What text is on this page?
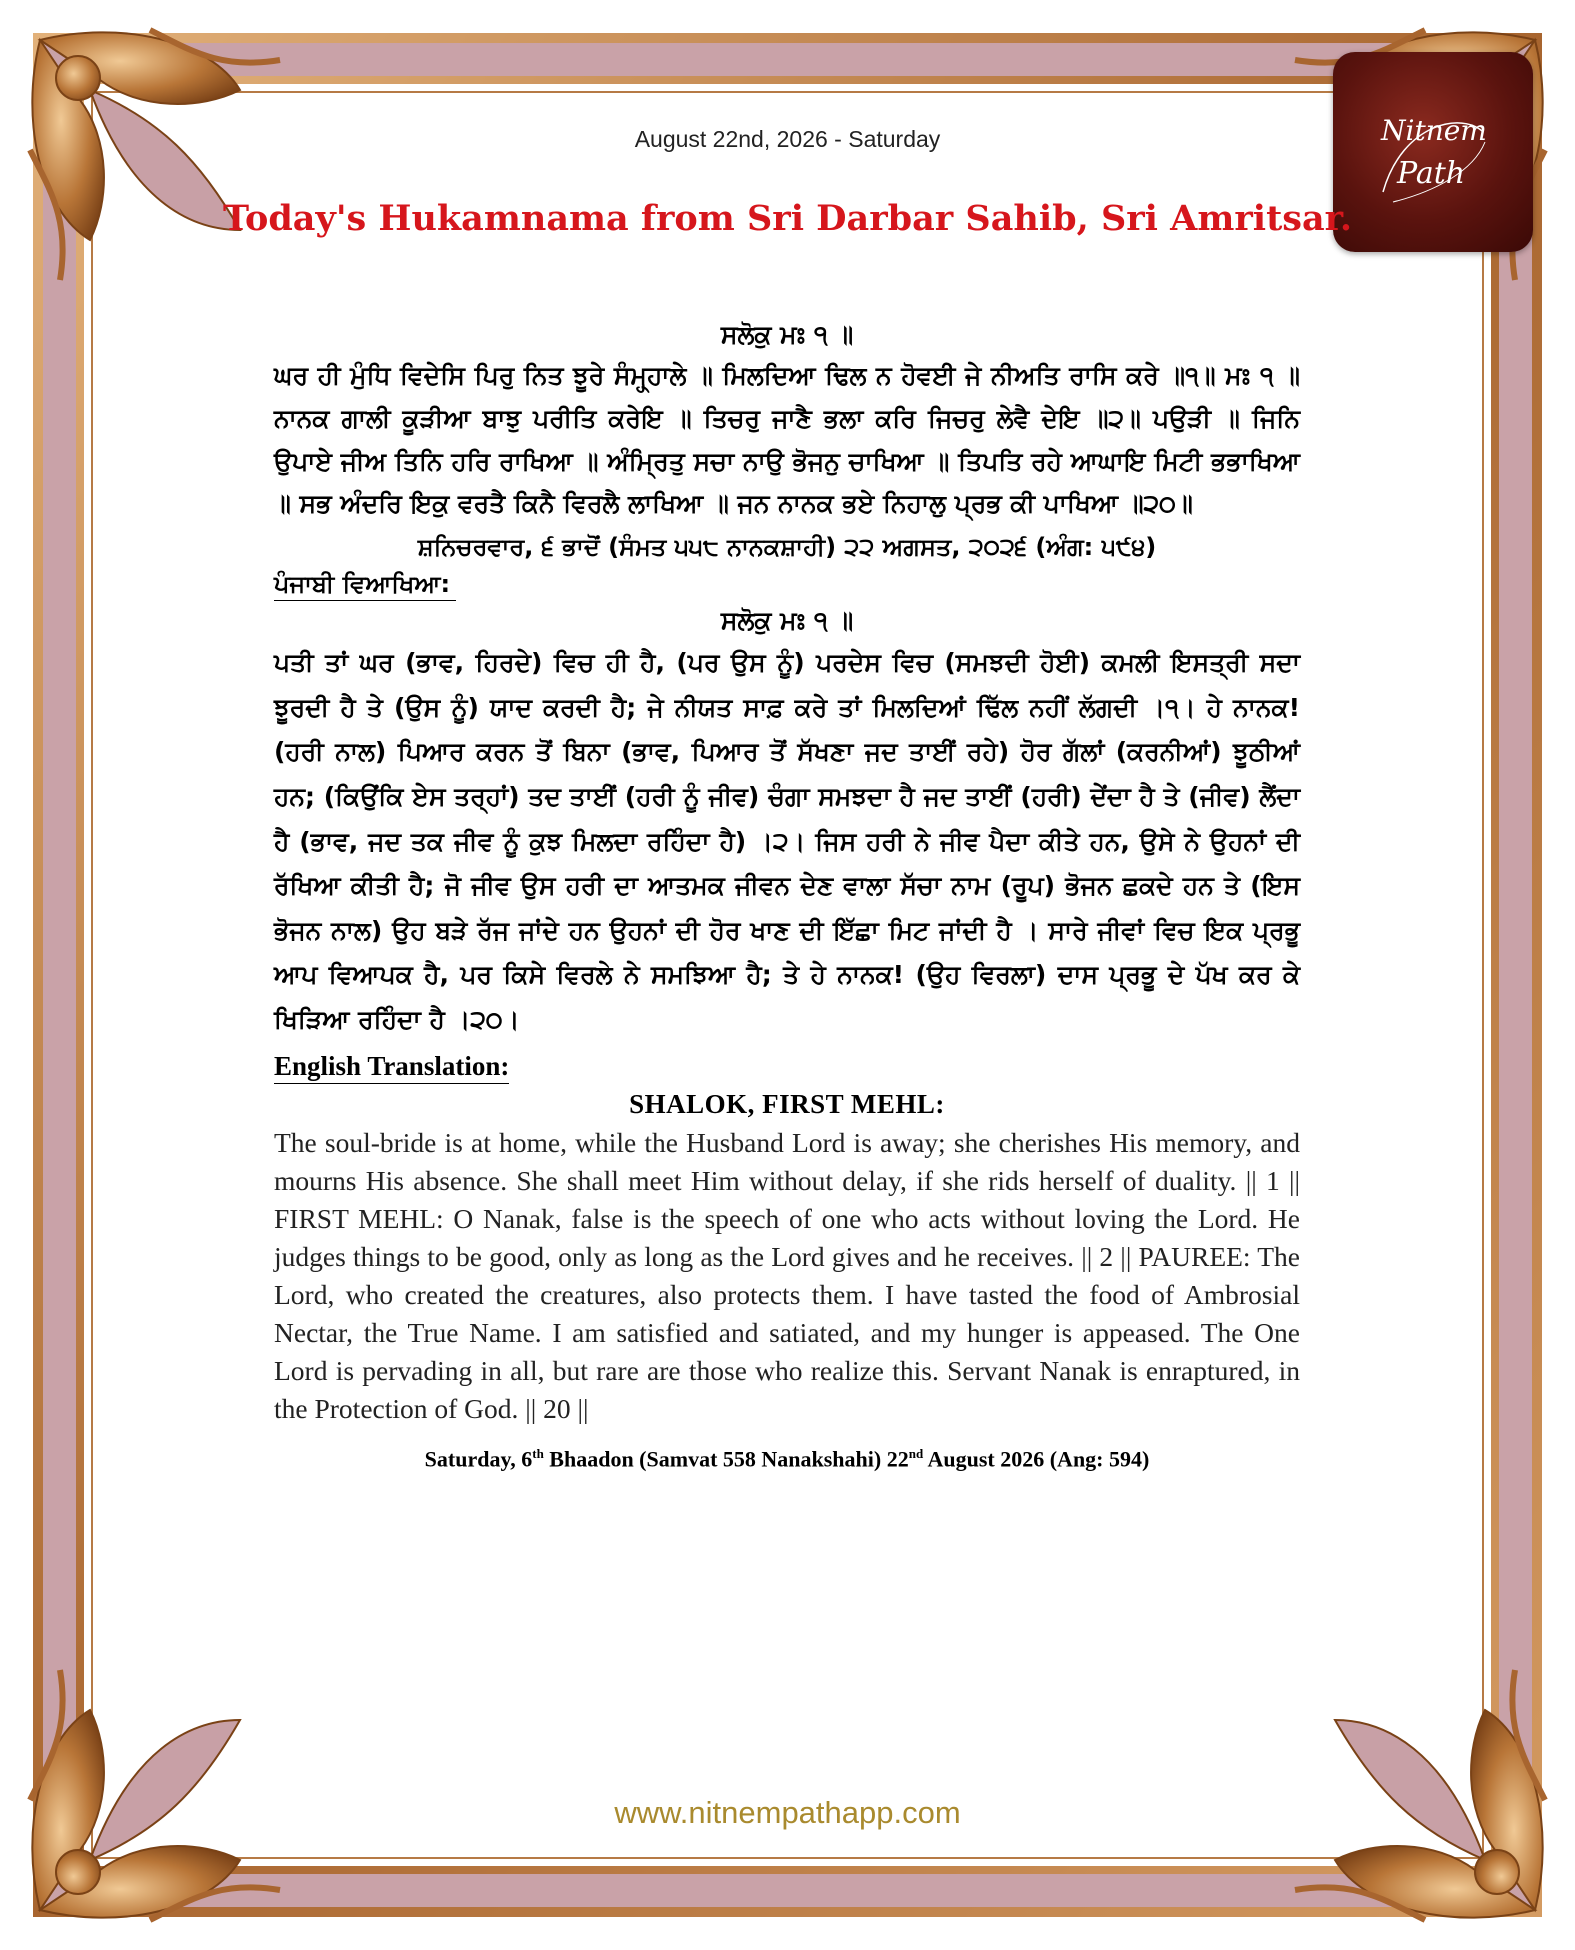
Nitnem
Path
August 22nd, 2026 - Saturday
Today's Hukamnama from Sri Darbar Sahib, Sri Amritsar.
ਸਲੋਕੁ ਮਃ ੧ ॥

ਘਰ ਹੀ ਮੁੰਧਿ ਵਿਦੇਸਿ ਪਿਰੁ ਨਿਤ ਝੂਰੇ ਸੰਮ੍ਹ੍ਹਾਲੇ ॥ ਮਿਲਦਿਆ ਢਿਲ ਨ ਹੋਵਈ ਜੇ ਨੀਅਤਿ ਰਾਸਿ ਕਰੇ ॥੧॥ ਮਃ ੧ ॥ ਨਾਨਕ ਗਾਲੀ ਕੂੜੀਆ ਬਾਝੁ ਪਰੀਤਿ ਕਰੇਇ ॥ ਤਿਚਰੁ ਜਾਣੈ ਭਲਾ ਕਰਿ ਜਿਚਰੁ ਲੇਵੈ ਦੇਇ ॥੨॥ ਪਉੜੀ ॥ ਜਿਨਿ ਉਪਾਏ ਜੀਅ ਤਿਨਿ ਹਰਿ ਰਾਖਿਆ ॥ ਅੰਮ੍ਰਿਤੁ ਸਚਾ ਨਾਉ ਭੋਜਨੁ ਚਾਖਿਆ ॥ ਤਿਪਤਿ ਰਹੇ ਆਘਾਇ ਮਿਟੀ ਭਭਾਖਿਆ ॥ ਸਭ ਅੰਦਰਿ ਇਕੁ ਵਰਤੈ ਕਿਨੈ ਵਿਰਲੈ ਲਾਖਿਆ ॥ ਜਨ ਨਾਨਕ ਭਏ ਨਿਹਾਲੁ ਪ੍ਰਭ ਕੀ ਪਾਖਿਆ ॥੨੦॥

ਸ਼ਨਿਚਰਵਾਰ, ੬ ਭਾਦੋਂ (ਸੰਮਤ ੫੫੮ ਨਾਨਕਸ਼ਾਹੀ) ੨੨ ਅਗਸਤ, ੨੦੨੬ (ਅੰਗ: ੫੯੪)
ਪੰਜਾਬੀ ਵਿਆਖਿਆ:
ਸਲੋਕੁ ਮਃ ੧ ॥

ਪਤੀ ਤਾਂ ਘਰ (ਭਾਵ, ਹਿਰਦੇ) ਵਿਚ ਹੀ ਹੈ, (ਪਰ ਉਸ ਨੂੰ) ਪਰਦੇਸ ਵਿਚ (ਸਮਝਦੀ ਹੋਈ) ਕਮਲੀ ਇਸਤ੍ਰੀ ਸਦਾ ਝੂਰਦੀ ਹੈ ਤੇ (ਉਸ ਨੂੰ) ਯਾਦ ਕਰਦੀ ਹੈ; ਜੇ ਨੀਯਤ ਸਾਫ਼ ਕਰੇ ਤਾਂ ਮਿਲਦਿਆਂ ਢਿੱਲ ਨਹੀਂ ਲੱਗਦੀ ।੧। ਹੇ ਨਾਨਕ! (ਹਰੀ ਨਾਲ) ਪਿਆਰ ਕਰਨ ਤੋਂ ਬਿਨਾ (ਭਾਵ, ਪਿਆਰ ਤੋਂ ਸੱਖਣਾ ਜਦ ਤਾਈਂ ਰਹੇ) ਹੋਰ ਗੱਲਾਂ (ਕਰਨੀਆਂ) ਝੂਠੀਆਂ ਹਨ; (ਕਿਉਂਕਿ ਏਸ ਤਰ੍ਹਾਂ) ਤਦ ਤਾਈਂ (ਹਰੀ ਨੂੰ ਜੀਵ) ਚੰਗਾ ਸਮਝਦਾ ਹੈ ਜਦ ਤਾਈਂ (ਹਰੀ) ਦੇਂਦਾ ਹੈ ਤੇ (ਜੀਵ) ਲੈਂਦਾ ਹੈ (ਭਾਵ, ਜਦ ਤਕ ਜੀਵ ਨੂੰ ਕੁਝ ਮਿਲਦਾ ਰਹਿੰਦਾ ਹੈ) ।੨। ਜਿਸ ਹਰੀ ਨੇ ਜੀਵ ਪੈਦਾ ਕੀਤੇ ਹਨ, ਉਸੇ ਨੇ ਉਹਨਾਂ ਦੀ ਰੱਖਿਆ ਕੀਤੀ ਹੈ; ਜੋ ਜੀਵ ਉਸ ਹਰੀ ਦਾ ਆਤਮਕ ਜੀਵਨ ਦੇਣ ਵਾਲਾ ਸੱਚਾ ਨਾਮ (ਰੂਪ) ਭੋਜਨ ਛਕਦੇ ਹਨ ਤੇ (ਇਸ ਭੋਜਨ ਨਾਲ) ਉਹ ਬੜੇ ਰੱਜ ਜਾਂਦੇ ਹਨ ਉਹਨਾਂ ਦੀ ਹੋਰ ਖਾਣ ਦੀ ਇੱਛਾ ਮਿਟ ਜਾਂਦੀ ਹੈ । ਸਾਰੇ ਜੀਵਾਂ ਵਿਚ ਇਕ ਪ੍ਰਭੂ ਆਪ ਵਿਆਪਕ ਹੈ, ਪਰ ਕਿਸੇ ਵਿਰਲੇ ਨੇ ਸਮਝਿਆ ਹੈ; ਤੇ ਹੇ ਨਾਨਕ! (ਉਹ ਵਿਰਲਾ) ਦਾਸ ਪ੍ਰਭੂ ਦੇ ਪੱਖ ਕਰ ਕੇ ਖਿੜਿਆ ਰਹਿੰਦਾ ਹੈ ।੨੦।

English Translation:
SHALOK, FIRST MEHL:

The soul-bride is at home, while the Husband Lord is away; she cherishes His memory, and mourns His absence. She shall meet Him without delay, if she rids herself of duality. || 1 || FIRST MEHL: O Nanak, false is the speech of one who acts without loving the Lord. He judges things to be good, only as long as the Lord gives and he receives. || 2 || PAUREE: The Lord, who created the creatures, also protects them. I have tasted the food of Ambrosial Nectar, the True Name. I am satisfied and satiated, and my hunger is appeased. The One Lord is pervading in all, but rare are those who realize this. Servant Nanak is enraptured, in the Protection of God. || 20 ||

Saturday, 6th Bhaadon (Samvat 558 Nanakshahi) 22nd August 2026 (Ang: 594)
www.nitnempathapp.com
